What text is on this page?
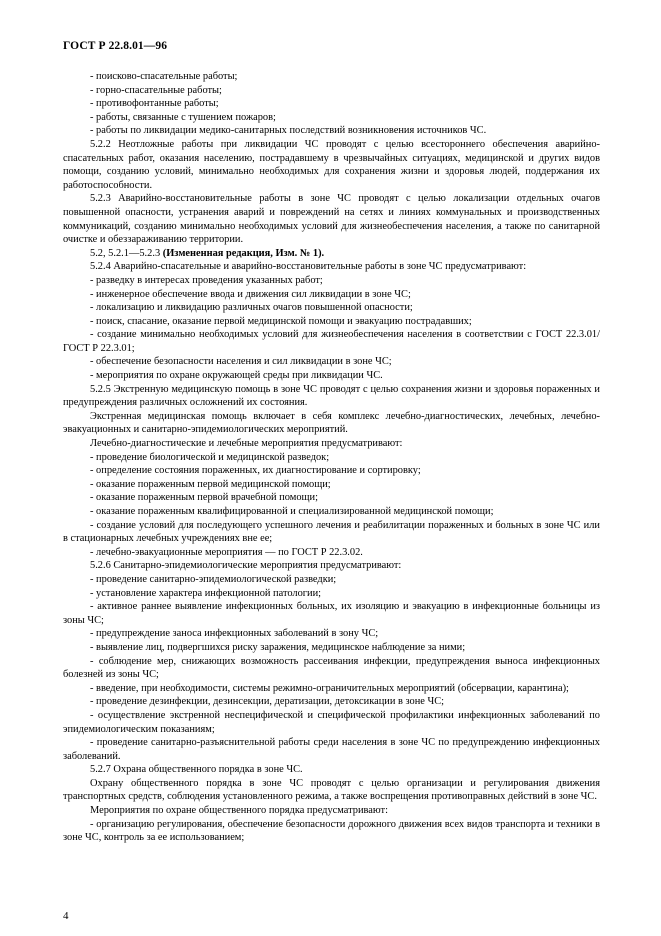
ГОСТ Р 22.8.01—96

- поисково-спасательные работы;

- горно-спасательные работы;

- противофонтанные работы;

- работы, связанные с тушением пожаров;

- работы по ликвидации медико-санитарных последствий возникновения источников ЧС.

5.2.2 Неотложные работы при ликвидации ЧС проводят с целью всестороннего обеспечения аварийно-спасательных работ, оказания населению, пострадавшему в чрезвычайных ситуациях, медицинской и других видов помощи, созданию условий, минимально необходимых для сохранения жизни и здоровья людей, поддержания их работоспособности.

5.2.3 Аварийно-восстановительные работы в зоне ЧС проводят с целью локализации отдельных очагов повышенной опасности, устранения аварий и повреждений на сетях и линиях коммунальных и производственных коммуникаций, созданию минимально необходимых условий для жизнеобеспечения населения, а также по санитарной очистке и обеззараживанию территории.

5.2, 5.2.1—5.2.3 (Измененная редакция, Изм. № 1).

5.2.4 Аварийно-спасательные и аварийно-восстановительные работы в зоне ЧС предусматривают:

- разведку в интересах проведения указанных работ;

- инженерное обеспечение ввода и движения сил ликвидации в зоне ЧС;

- локализацию и ликвидацию различных очагов повышенной опасности;

- поиск, спасание, оказание первой медицинской помощи и эвакуацию пострадавших;

- создание минимально необходимых условий для жизнеобеспечения населения в соответствии с ГОСТ 22.3.01/ГОСТ Р 22.3.01;

- обеспечение безопасности населения и сил ликвидации в зоне ЧС;

- мероприятия по охране окружающей среды при ликвидации ЧС.

5.2.5 Экстренную медицинскую помощь в зоне ЧС проводят с целью сохранения жизни и здоровья пораженных и предупреждения различных осложнений их состояния.

Экстренная медицинская помощь включает в себя комплекс лечебно-диагностических, лечебных, лечебно-эвакуационных и санитарно-эпидемиологических мероприятий.

Лечебно-диагностические и лечебные мероприятия предусматривают:

- проведение биологической и медицинской разведок;

- определение состояния пораженных, их диагностирование и сортировку;

- оказание пораженным первой медицинской помощи;

- оказание пораженным первой врачебной помощи;

- оказание пораженным квалифицированной и специализированной медицинской помощи;

- создание условий для последующего успешного лечения и реабилитации пораженных и больных в зоне ЧС или в стационарных лечебных учреждениях вне ее;

- лечебно-эвакуационные мероприятия — по ГОСТ Р 22.3.02.

5.2.6 Санитарно-эпидемиологические мероприятия предусматривают:

- проведение санитарно-эпидемиологической разведки;

- установление характера инфекционной патологии;

- активное раннее выявление инфекционных больных, их изоляцию и эвакуацию в инфекционные больницы из зоны ЧС;

- предупреждение заноса инфекционных заболеваний в зону ЧС;

- выявление лиц, подвергшихся риску заражения, медицинское наблюдение за ними;

- соблюдение мер, снижающих возможность рассеивания инфекции, предупреждения выноса инфекционных болезней из зоны ЧС;

- введение, при необходимости, системы режимно-ограничительных мероприятий (обсервации, карантина);

- проведение дезинфекции, дезинсекции, дератизации, детоксикации в зоне ЧС;

- осуществление экстренной неспецифической и специфической профилактики инфекционных заболеваний по эпидемиологическим показаниям;

- проведение санитарно-разъяснительной работы среди населения в зоне ЧС по предупреждению инфекционных заболеваний.

5.2.7 Охрана общественного порядка в зоне ЧС.

Охрану общественного порядка в зоне ЧС проводят с целью организации и регулирования движения транспортных средств, соблюдения установленного режима, а также воспрещения противоправных действий в зоне ЧС.

Мероприятия по охране общественного порядка предусматривают:

- организацию регулирования, обеспечение безопасности дорожного движения всех видов транспорта и техники в зоне ЧС, контроль за ее использованием;

4
